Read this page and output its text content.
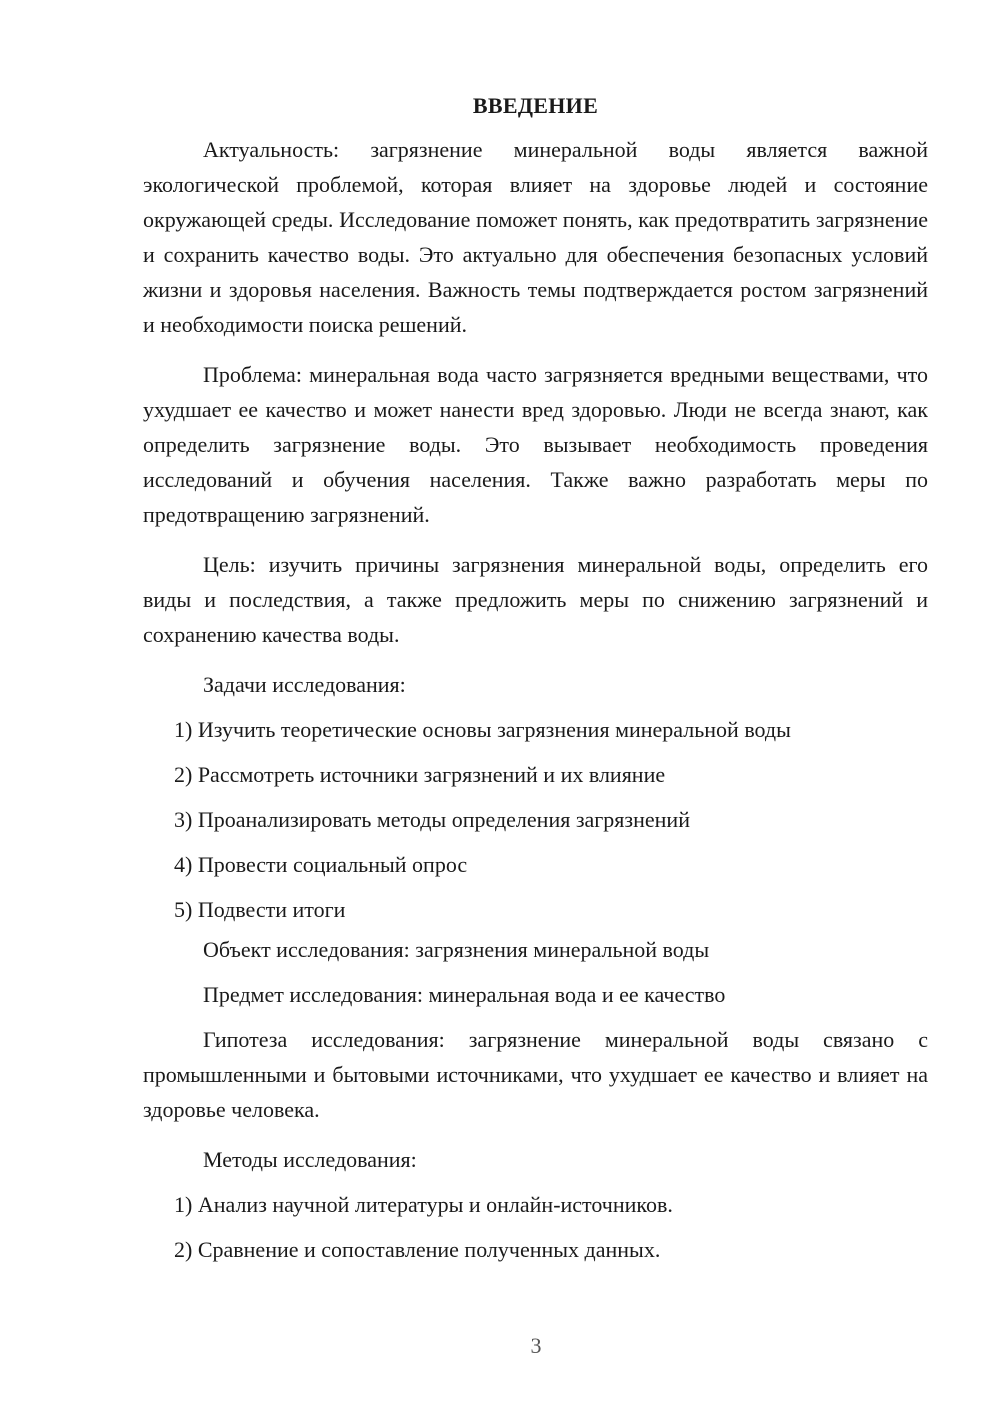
ВВЕДЕНИЕ

Актуальность: загрязнение минеральной воды является важной экологической проблемой, которая влияет на здоровье людей и состояние окружающей среды. Исследование поможет понять, как предотвратить загрязнение и сохранить качество воды. Это актуально для обеспечения безопасных условий жизни и здоровья населения. Важность темы подтверждается ростом загрязнений и необходимости поиска решений.

Проблема: минеральная вода часто загрязняется вредными веществами, что ухудшает ее качество и может нанести вред здоровью. Люди не всегда знают, как определить загрязнение воды. Это вызывает необходимость проведения исследований и обучения населения. Также важно разработать меры по предотвращению загрязнений.

Цель: изучить причины загрязнения минеральной воды, определить его виды и последствия, а также предложить меры по снижению загрязнений и сохранению качества воды.

Задачи исследования:
1) Изучить теоретические основы загрязнения минеральной воды
2) Рассмотреть источники загрязнений и их влияние
3) Проанализировать методы определения загрязнений
4) Провести социальный опрос
5) Подвести итоги
Объект исследования: загрязнения минеральной воды
Предмет исследования: минеральная вода и ее качество

Гипотеза исследования: загрязнение минеральной воды связано с промышленными и бытовыми источниками, что ухудшает ее качество и влияет на здоровье человека.

Методы исследования:
1) Анализ научной литературы и онлайн-источников.
2) Сравнение и сопоставление полученных данных.
3
